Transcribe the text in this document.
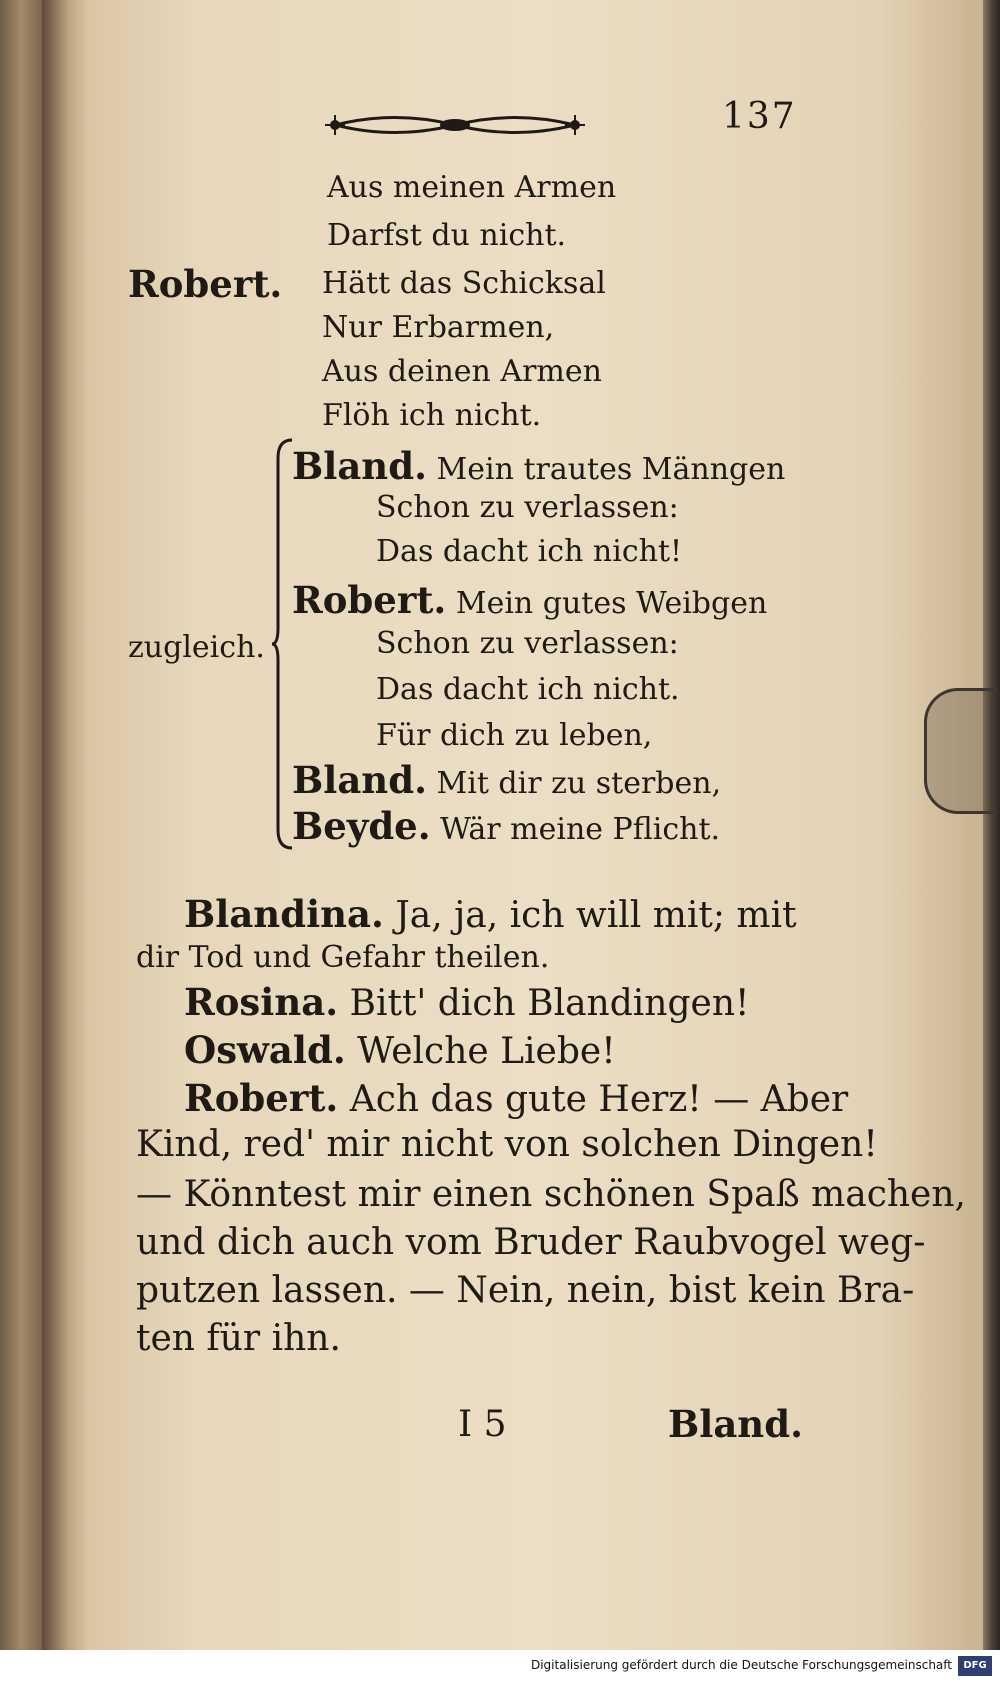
137
Aus meinen Armen
Darfst du nicht.
Robert. Hätt das Schicksal
Nur Erbarmen,
Aus deinen Armen
Flöh ich nicht.
zugleich.
Bland. Mein trautes Männgen
Schon zu verlassen:
Das dacht ich nicht!
Robert. Mein gutes Weibgen
Schon zu verlassen:
Das dacht ich nicht.
Für dich zu leben,
Bland. Mit dir zu sterben,
Beyde. Wär meine Pflicht.
Blandina. Ja, ja, ich will mit; mit
dir Tod und Gefahr theilen.
Rosina. Bitt' dich Blandingen!
Oswald. Welche Liebe!
Robert. Ach das gute Herz! — Aber
Kind, red' mir nicht von solchen Dingen!
— Könntest mir einen schönen Spaß machen,
und dich auch vom Bruder Raubvogel weg-
putzen lassen. — Nein, nein, bist kein Bra-
ten für ihn.
I 5	Bland.
Digitalisierung gefördert durch die Deutsche Forschungsgemeinschaft	DFG
